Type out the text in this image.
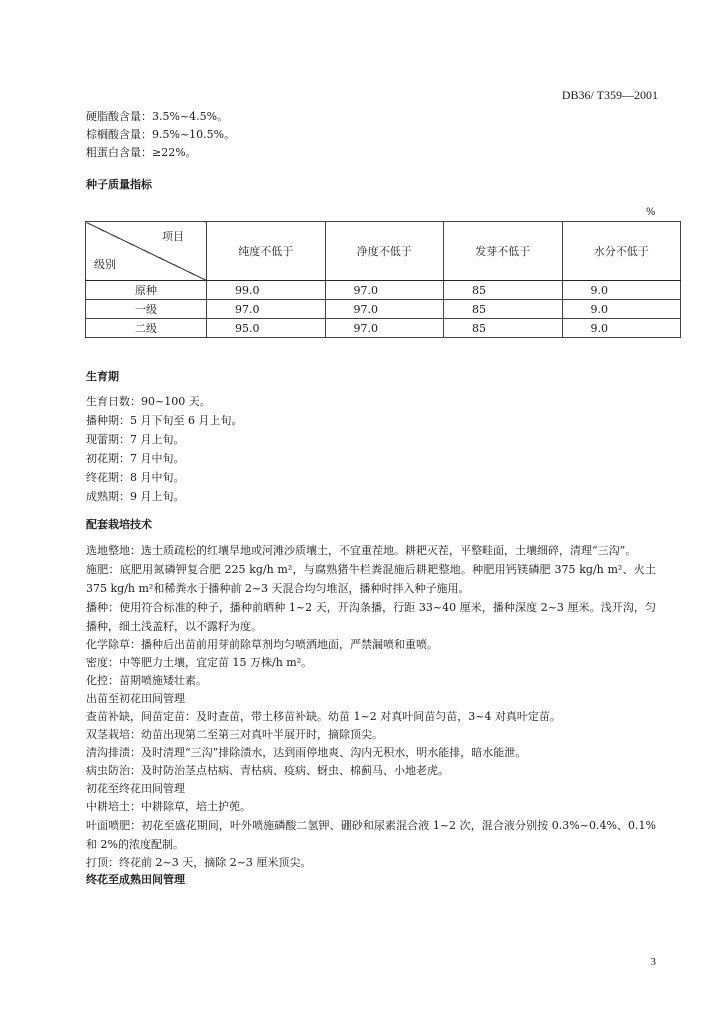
DB36/ T359—2001
硬脂酸含量：3.5%~4.5%。
棕榈酸含量：9.5%~10.5%。
粗蛋白含量：≥22%。
种子质量指标
%
项目
级别	纯度不低于	净度不低于	发芽不低于	水分不低于
原种	99.0	97.0	85	9.0
一级	97.0	97.0	85	9.0
二级	95.0	97.0	85	9.0
生育期
生育日数：90~100 天。
播种期：5 月下旬至 6 月上旬。
现蕾期：7 月上旬。
初花期：7 月中旬。
终花期：8 月中旬。
成熟期：9 月上旬。
配套栽培技术
选地整地：选土质疏松的红壤旱地或河滩沙质壤土，不宜重茬地。耕耙灭茬，平整畦面，土壤细碎，清理“三沟”。
施肥：底肥用氮磷钾复合肥 225 kg/h m²，与腐熟猪牛栏粪混施后耕耙整地。种肥用钙镁磷肥 375 kg/h m²、火土 375 kg/h m²和稀粪水于播种前 2~3 天混合均匀堆沤，播种时拌入种子施用。
播种：使用符合标准的种子，播种前晒种 1~2 天，开沟条播，行距 33~40 厘米，播种深度 2~3 厘米。浅开沟，匀播种，细土浅盖籽，以不露籽为度。
化学除草：播种后出苗前用芽前除草剂均匀喷洒地面，严禁漏喷和重喷。
密度：中等肥力土壤，宜定苗 15 万株/h m²。
化控：苗期喷施矮壮素。
出苗至初花田间管理
查苗补缺，间苗定苗：及时查苗，带土移苗补缺。幼苗 1~2 对真叶间苗匀苗，3~4 对真叶定苗。
双茎栽培：幼苗出现第二至第三对真叶半展开时，摘除顶尖。
清沟排渍：及时清理“三沟”排除渍水，达到雨停地爽、沟内无积水，明水能排，暗水能泄。
病虫防治：及时防治茎点枯病、青枯病、疫病、蚜虫、棉蓟马、小地老虎。
初花至终花田间管理
中耕培土：中耕除草，培土护蔸。
叶面喷肥：初花至盛花期间，叶外喷施磷酸二氢钾、硼砂和尿素混合液 1~2 次，混合液分别按 0.3%~0.4%、0.1%和 2%的浓度配制。
打顶：终花前 2~3 天，摘除 2~3 厘米顶尖。
终花至成熟田间管理
3
